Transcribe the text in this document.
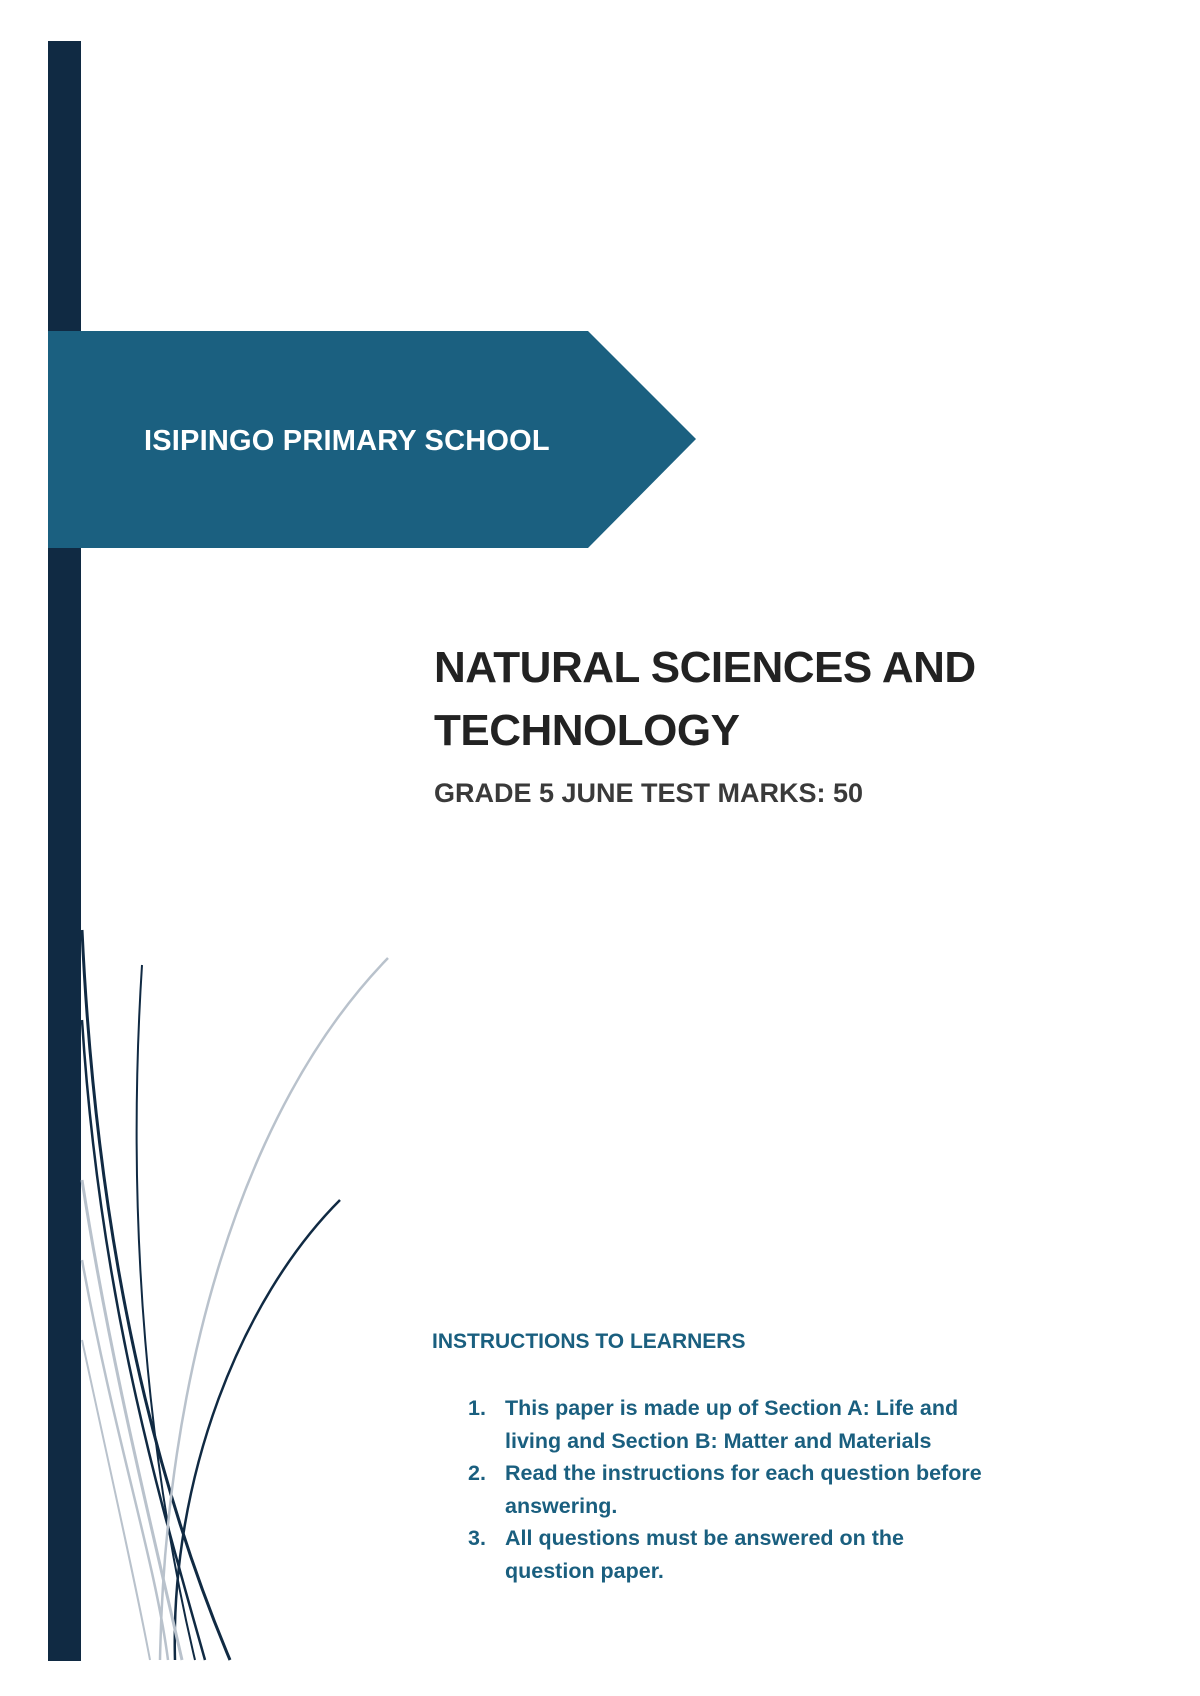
ISIPINGO PRIMARY SCHOOL
NATURAL SCIENCES AND
TECHNOLOGY

GRADE 5 JUNE TEST MARKS: 50

INSTRUCTIONS TO LEARNERS
1. This paper is made up of Section A: Life and living and Section B: Matter and Materials
2. Read the instructions for each question before answering.
3. All questions must be answered on the question paper.
